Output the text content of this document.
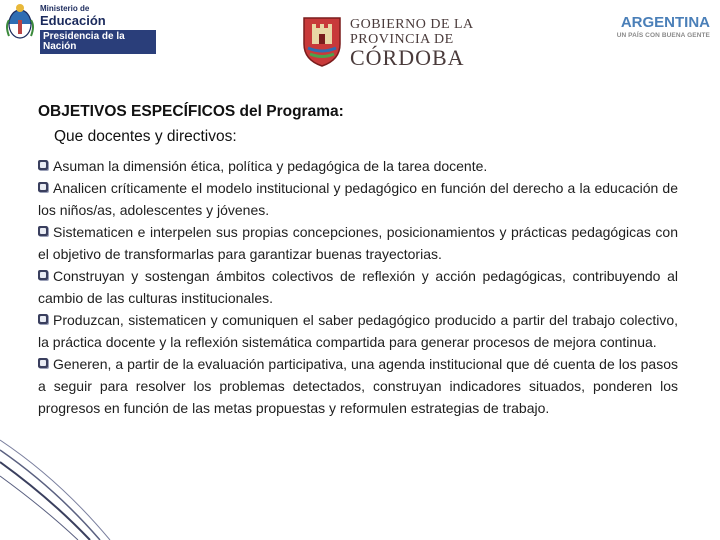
Ministerio de
Educación
Presidencia de la Nación
GOBIERNO DE LA
PROVINCIA DE
CÓRDOBA
ARGENTINA
UN PAÍS CON BUENA GENTE

OBJETIVOS ESPECÍFICOS del Programa:

Que docentes y directivos:

Asuman la dimensión ética, política y pedagógica de la tarea docente.
Analicen críticamente el modelo institucional y pedagógico en función del derecho a la educación de los niños/as, adolescentes y jóvenes.
Sistematicen e interpelen sus propias concepciones, posicionamientos y prácticas pedagógicas con el objetivo de transformarlas para garantizar buenas trayectorias.
Construyan y sostengan ámbitos colectivos de reflexión y acción pedagógicas, contribuyendo al cambio de las culturas institucionales.
Produzcan, sistematicen y comuniquen el saber pedagógico producido a partir del trabajo colectivo, la práctica docente y la reflexión sistemática compartida para generar procesos de mejora continua.
Generen, a partir de la evaluación participativa, una agenda institucional que dé cuenta de los pasos a seguir para resolver los problemas detectados, construyan indicadores situados, ponderen los progresos en función de las metas propuestas y reformulen estrategias de trabajo.
